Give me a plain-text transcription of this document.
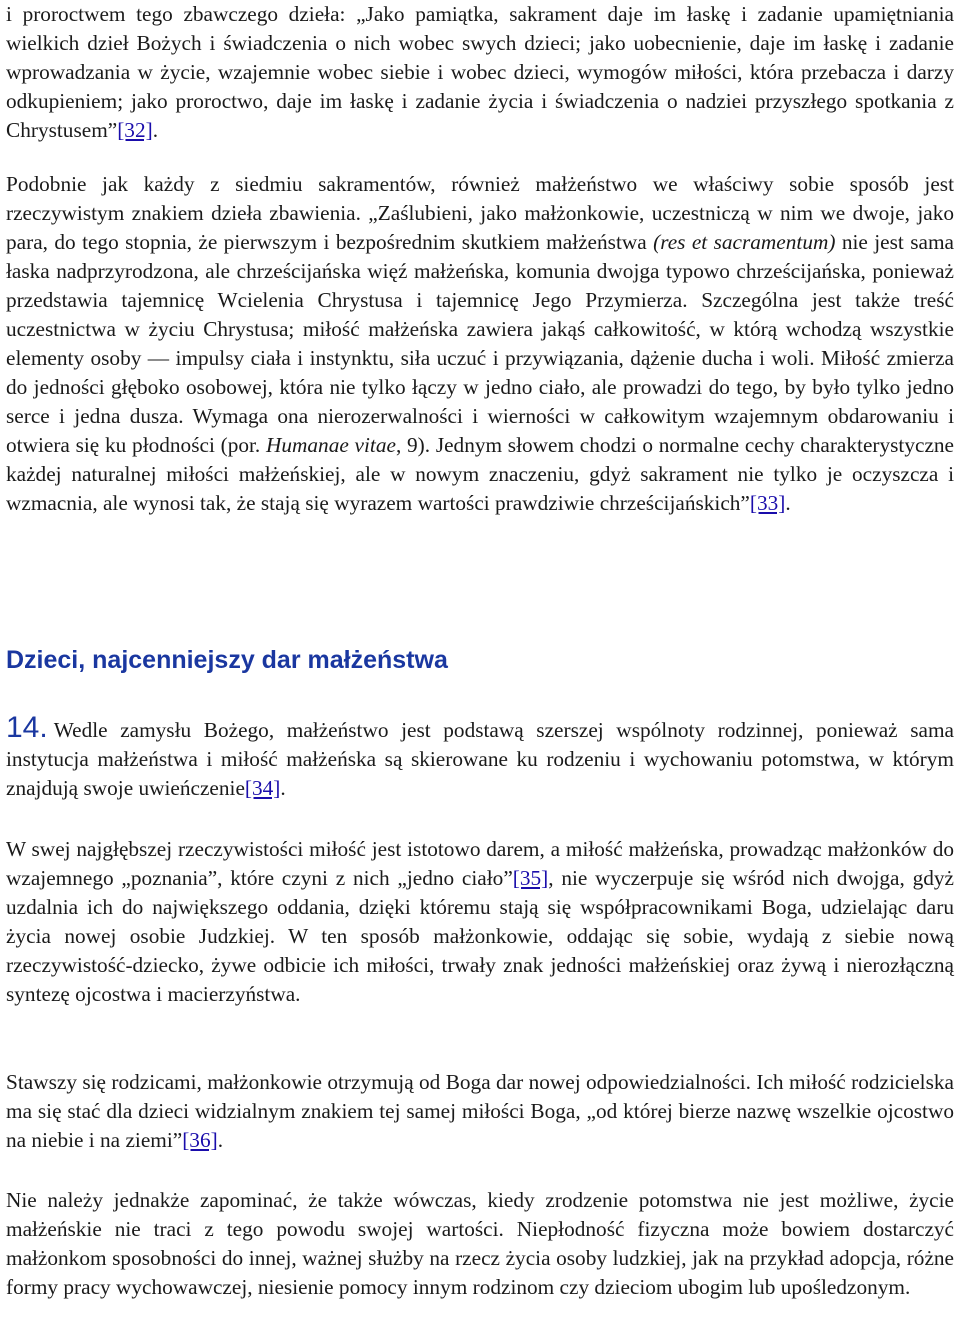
i proroctwem tego zbawczego dzieła: „Jako pamiątka, sakrament daje im łaskę i zadanie upamiętniania wielkich dzieł Bożych i świadczenia o nich wobec swych dzieci; jako uobecnienie, daje im łaskę i zadanie wprowadzania w życie, wzajemnie wobec siebie i wobec dzieci, wymogów miłości, która przebacza i darzy odkupieniem; jako proroctwo, daje im łaskę i zadanie życia i świadczenia o nadziei przyszłego spotkania z Chrystusem”[32].

Podobnie jak każdy z siedmiu sakramentów, również małżeństwo we właściwy sobie sposób jest rzeczywistym znakiem dzieła zbawienia. „Zaślubieni, jako małżonkowie, uczestniczą w nim we dwoje, jako para, do tego stopnia, że pierwszym i bezpośrednim skutkiem małżeństwa (res et sacramentum) nie jest sama łaska nadprzyrodzona, ale chrześcijańska więź małżeńska, komunia dwojga typowo chrześcijańska, ponieważ przedstawia tajemnicę Wcielenia Chrystusa i tajemnicę Jego Przymierza. Szczególna jest także treść uczestnictwa w życiu Chrystusa; miłość małżeńska zawiera jakąś całkowitość, w którą wchodzą wszystkie elementy osoby — impulsy ciała i instynktu, siła uczuć i przywiązania, dążenie ducha i woli. Miłość zmierza do jedności głęboko osobowej, która nie tylko łączy w jedno ciało, ale prowadzi do tego, by było tylko jedno serce i jedna dusza. Wymaga ona nierozerwalności i wierności w całkowitym wzajemnym obdarowaniu i otwiera się ku płodności (por. Humanae vitae, 9). Jednym słowem chodzi o normalne cechy charakterystyczne każdej naturalnej miłości małżeńskiej, ale w nowym znaczeniu, gdyż sakrament nie tylko je oczyszcza i wzmacnia, ale wynosi tak, że stają się wyrazem wartości prawdziwie chrześcijańskich”[33].

Dzieci, najcenniejszy dar małżeństwa

14. Wedle zamysłu Bożego, małżeństwo jest podstawą szerszej wspólnoty rodzinnej, ponieważ sama instytucja małżeństwa i miłość małżeńska są skierowane ku rodzeniu i wychowaniu potomstwa, w którym znajdują swoje uwieńczenie[34].

W swej najgłębszej rzeczywistości miłość jest istotowo darem, a miłość małżeńska, prowadząc małżonków do wzajemnego „poznania”, które czyni z nich „jedno ciało”[35], nie wyczerpuje się wśród nich dwojga, gdyż uzdalnia ich do największego oddania, dzięki któremu stają się współpracownikami Boga, udzielając daru życia nowej osobie Judzkiej. W ten sposób małżonkowie, oddając się sobie, wydają z siebie nową rzeczywistość-dziecko, żywe odbicie ich miłości, trwały znak jedności małżeńskiej oraz żywą i nierozłączną syntezę ojcostwa i macierzyństwa.

Stawszy się rodzicami, małżonkowie otrzymują od Boga dar nowej odpowiedzialności. Ich miłość rodzicielska ma się stać dla dzieci widzialnym znakiem tej samej miłości Boga, „od której bierze nazwę wszelkie ojcostwo na niebie i na ziemi”[36].

Nie należy jednakże zapominać, że także wówczas, kiedy zrodzenie potomstwa nie jest możliwe, życie małżeńskie nie traci z tego powodu swojej wartości. Niepłodność fizyczna może bowiem dostarczyć małżonkom sposobności do innej, ważnej służby na rzecz życia osoby ludzkiej, jak na przykład adopcja, różne formy pracy wychowawczej, niesienie pomocy innym rodzinom czy dzieciom ubogim lub upośledzonym.
